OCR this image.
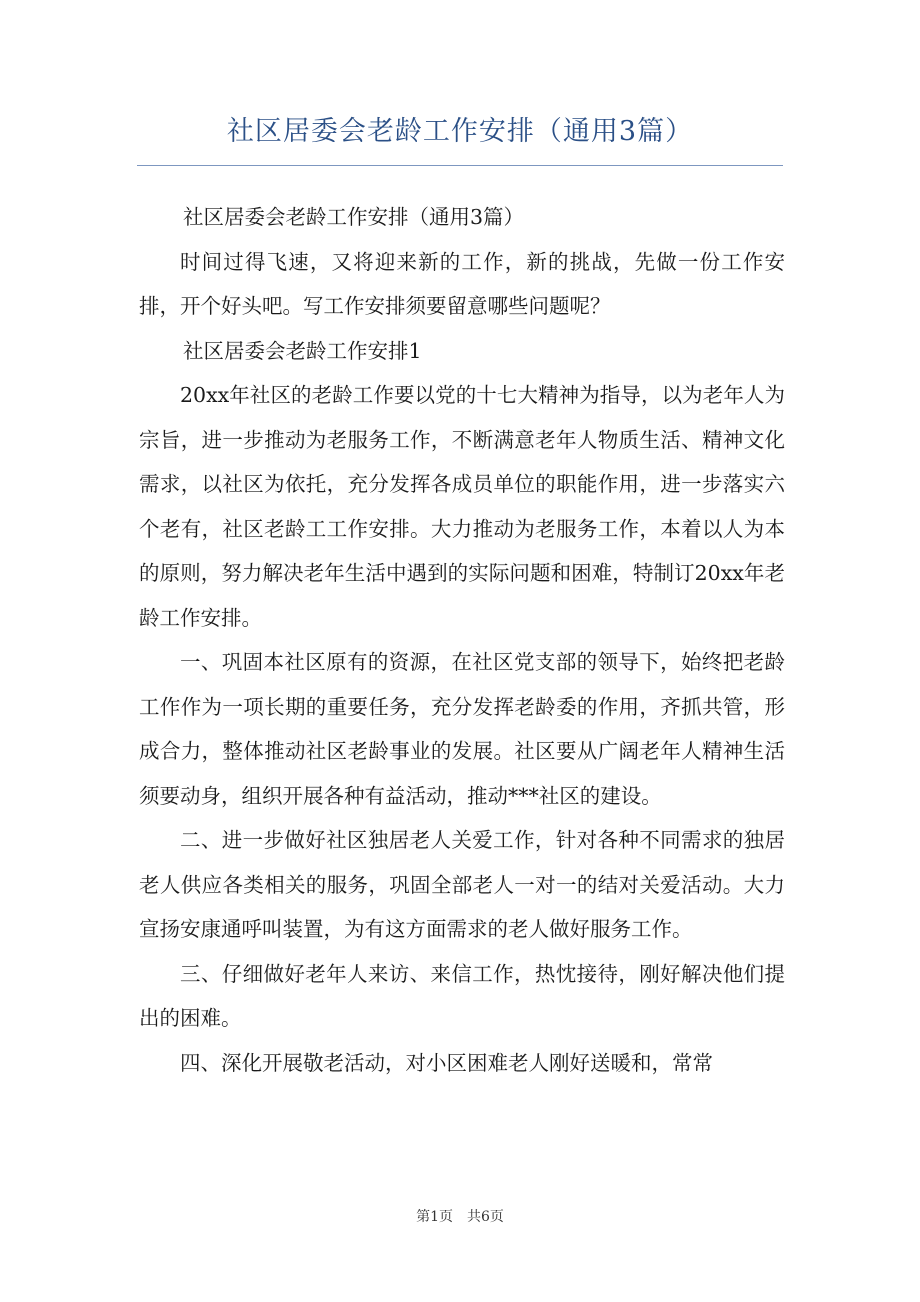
社区居委会老龄工作安排（通用3篇）

社区居委会老龄工作安排（通用3篇）

时间过得飞速，又将迎来新的工作，新的挑战，先做一份工作安排，开个好头吧。写工作安排须要留意哪些问题呢？

社区居委会老龄工作安排1

20xx年社区的老龄工作要以党的十七大精神为指导，以为老年人为宗旨，进一步推动为老服务工作，不断满意老年人物质生活、精神文化需求，以社区为依托，充分发挥各成员单位的职能作用，进一步落实六个老有，社区老龄工工作安排。大力推动为老服务工作，本着以人为本的原则，努力解决老年生活中遇到的实际问题和困难，特制订20xx年老龄工作安排。

一、巩固本社区原有的资源，在社区党支部的领导下，始终把老龄工作作为一项长期的重要任务，充分发挥老龄委的作用，齐抓共管，形成合力，整体推动社区老龄事业的发展。社区要从广阔老年人精神生活须要动身，组织开展各种有益活动，推动***社区的建设。

二、进一步做好社区独居老人关爱工作，针对各种不同需求的独居老人供应各类相关的服务，巩固全部老人一对一的结对关爱活动。大力宣扬安康通呼叫装置，为有这方面需求的老人做好服务工作。

三、仔细做好老年人来访、来信工作，热忱接待，刚好解决他们提出的困难。

四、深化开展敬老活动，对小区困难老人刚好送暖和，常常

第1页　共6页
